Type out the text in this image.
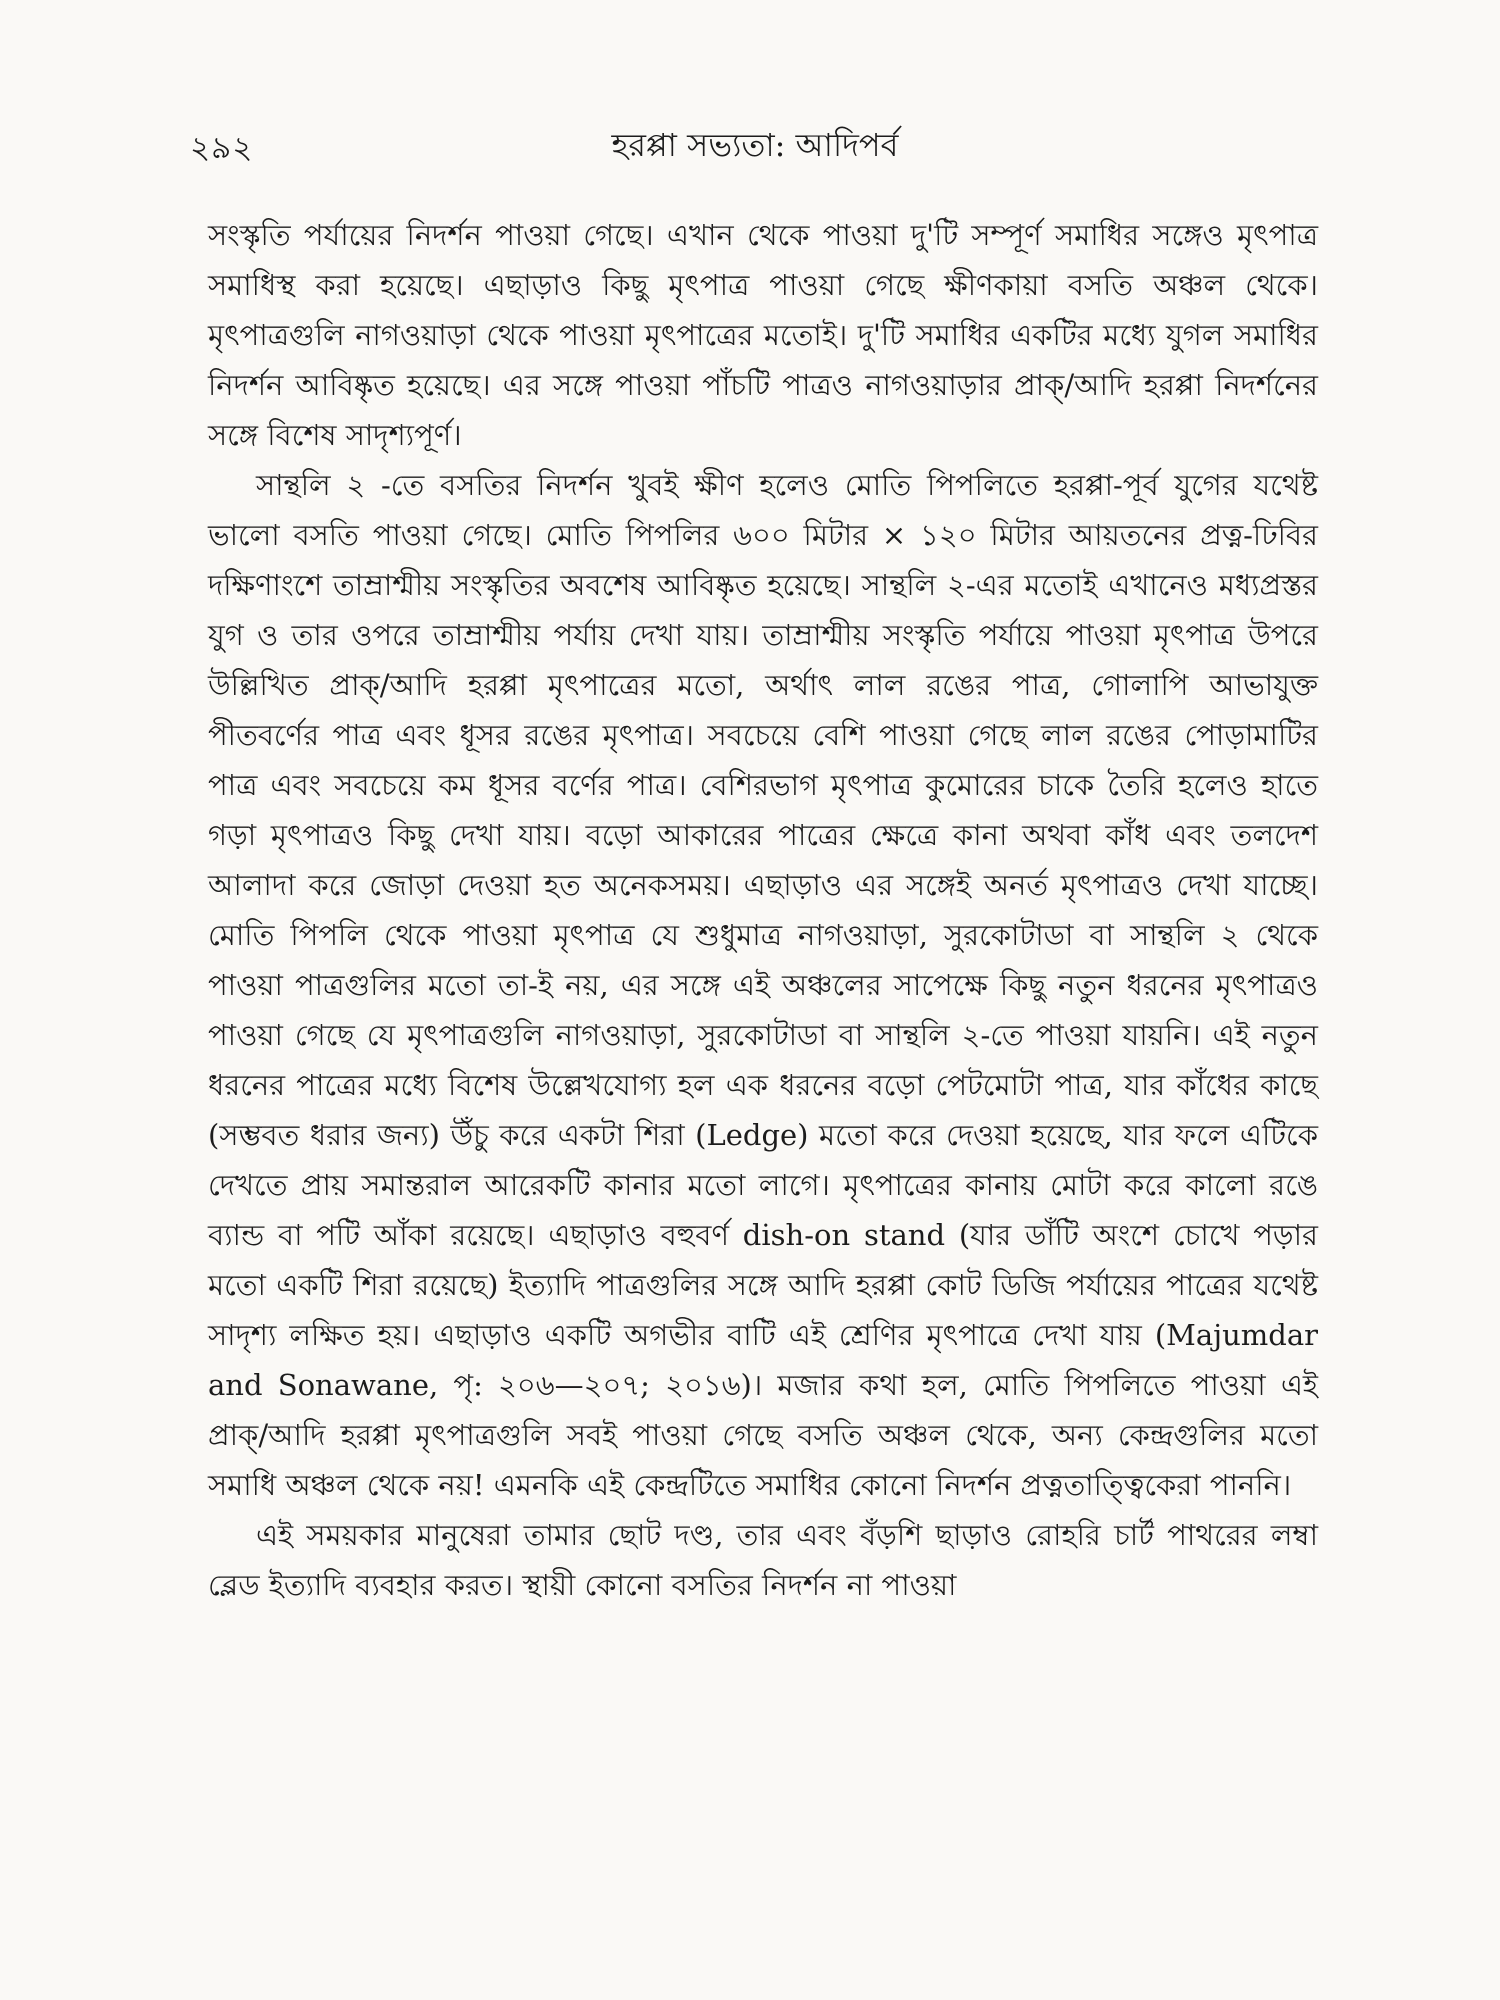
২৯২	হরপ্পা সভ্যতা: আদিপর্ব

সংস্কৃতি পর্যায়ের নিদর্শন পাওয়া গেছে। এখান থেকে পাওয়া দু'টি সম্পূর্ণ সমাধির সঙ্গেও মৃৎপাত্র সমাধিস্থ করা হয়েছে। এছাড়াও কিছু মৃৎপাত্র পাওয়া গেছে ক্ষীণকায়া বসতি অঞ্চল থেকে। মৃৎপাত্রগুলি নাগওয়াড়া থেকে পাওয়া মৃৎপাত্রের মতোই। দু'টি সমাধির একটির মধ্যে যুগল সমাধির নিদর্শন আবিষ্কৃত হয়েছে। এর সঙ্গে পাওয়া পাঁচটি পাত্রও নাগওয়াড়ার প্রাক্/আদি হরপ্পা নিদর্শনের সঙ্গে বিশেষ সাদৃশ্যপূর্ণ।

সান্থলি ২ -তে বসতির নিদর্শন খুবই ক্ষীণ হলেও মোতি পিপলিতে হরপ্পা-পূর্ব যুগের যথেষ্ট ভালো বসতি পাওয়া গেছে। মোতি পিপলির ৬০০ মিটার × ১২০ মিটার আয়তনের প্রত্ন-ঢিবির দক্ষিণাংশে তাম্রাশ্মীয় সংস্কৃতির অবশেষ আবিষ্কৃত হয়েছে। সান্থলি ২-এর মতোই এখানেও মধ্যপ্রস্তর যুগ ও তার ওপরে তাম্রাশ্মীয় পর্যায় দেখা যায়। তাম্রাশ্মীয় সংস্কৃতি পর্যায়ে পাওয়া মৃৎপাত্র উপরে উল্লিখিত প্রাক্/আদি হরপ্পা মৃৎপাত্রের মতো, অর্থাৎ লাল রঙের পাত্র, গোলাপি আভাযুক্ত পীতবর্ণের পাত্র এবং ধূসর রঙের মৃৎপাত্র। সবচেয়ে বেশি পাওয়া গেছে লাল রঙের পোড়ামাটির পাত্র এবং সবচেয়ে কম ধূসর বর্ণের পাত্র। বেশিরভাগ মৃৎপাত্র কুমোরের চাকে তৈরি হলেও হাতে গড়া মৃৎপাত্রও কিছু দেখা যায়। বড়ো আকারের পাত্রের ক্ষেত্রে কানা অথবা কাঁধ এবং তলদেশ আলাদা করে জোড়া দেওয়া হত অনেকসময়। এছাড়াও এর সঙ্গেই অনর্ত মৃৎপাত্রও দেখা যাচ্ছে। মোতি পিপলি থেকে পাওয়া মৃৎপাত্র যে শুধুমাত্র নাগওয়াড়া, সুরকোটাডা বা সান্থলি ২ থেকে পাওয়া পাত্রগুলির মতো তা-ই নয়, এর সঙ্গে এই অঞ্চলের সাপেক্ষে কিছু নতুন ধরনের মৃৎপাত্রও পাওয়া গেছে যে মৃৎপাত্রগুলি নাগওয়াড়া, সুরকোটাডা বা সান্থলি ২-তে পাওয়া যায়নি। এই নতুন ধরনের পাত্রের মধ্যে বিশেষ উল্লেখযোগ্য হল এক ধরনের বড়ো পেটমোটা পাত্র, যার কাঁধের কাছে (সম্ভবত ধরার জন্য) উঁচু করে একটা শিরা (Ledge) মতো করে দেওয়া হয়েছে, যার ফলে এটিকে দেখতে প্রায় সমান্তরাল আরেকটি কানার মতো লাগে। মৃৎপাত্রের কানায় মোটা করে কালো রঙে ব্যান্ড বা পটি আঁকা রয়েছে। এছাড়াও বহুবর্ণ dish-on stand (যার ডাঁটি অংশে চোখে পড়ার মতো একটি শিরা রয়েছে) ইত্যাদি পাত্রগুলির সঙ্গে আদি হরপ্পা কোট ডিজি পর্যায়ের পাত্রের যথেষ্ট সাদৃশ্য লক্ষিত হয়। এছাড়াও একটি অগভীর বাটি এই শ্রেণির মৃৎপাত্রে দেখা যায় (Majumdar and Sonawane, পৃ: ২০৬—২০৭; ২০১৬)। মজার কথা হল, মোতি পিপলিতে পাওয়া এই প্রাক্/আদি হরপ্পা মৃৎপাত্রগুলি সবই পাওয়া গেছে বসতি অঞ্চল থেকে, অন্য কেন্দ্রগুলির মতো সমাধি অঞ্চল থেকে নয়! এমনকি এই কেন্দ্রটিতে সমাধির কোনো নিদর্শন প্রত্নতাত্ত্বিকেরা পাননি।

এই সময়কার মানুষেরা তামার ছোট দণ্ড, তার এবং বঁড়শি ছাড়াও রোহরি চার্ট পাথরের লম্বা ব্লেড ইত্যাদি ব্যবহার করত। স্থায়ী কোনো বসতির নিদর্শন না পাওয়া
